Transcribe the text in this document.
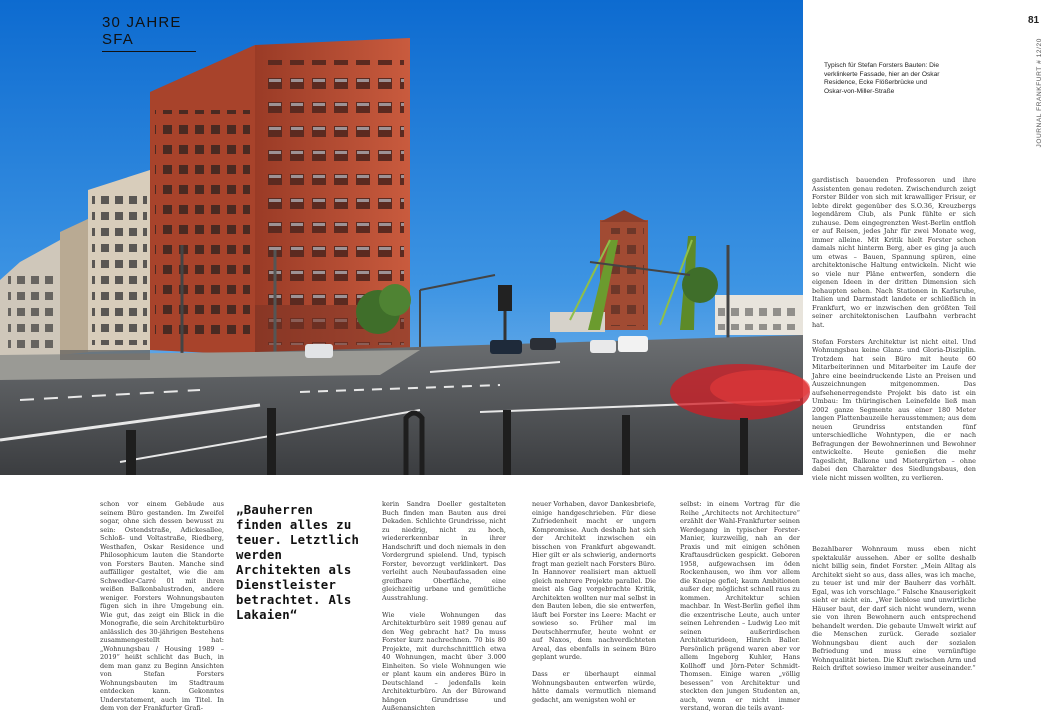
81
JOURNAL FRANKFURT # 12/20
30 JAHRE SFA
Typisch für Stefan Forsters Bauten: Die verklinkerte Fassade, hier an der Oskar Residence, Ecke Flößerbrücke und Oskar-von-Miller-Straße
gardistisch bauenden Professoren und ihre Assistenten genau redeten. Zwischendurch zeigt Forster Bilder von sich mit krawalliger Frisur, er lebte direkt gegenüber des S.O.36, Kreuzbergs legendärem Club, als Punk fühlte er sich zuhause. Dem eingegrenzten West-Berlin entfloh er auf Reisen, jedes Jahr für zwei Monate weg, immer alleine. Mit Kritik hielt Forster schon damals nicht hinterm Berg, aber es ging ja auch um etwas – Bauen, Spannung spüren, eine architektonische Haltung entwickeln. Nicht wie so viele nur Pläne entwerfen, sondern die eigenen Ideen in der dritten Dimension sich behaupten sehen. Nach Stationen in Karlsruhe, Italien und Darmstadt landete er schließlich in Frankfurt, wo er inzwischen den größten Teil seiner architektonischen Laufbahn verbracht hat.

Stefan Forsters Architektur ist nicht eitel. Und Wohnungsbau keine Glanz- und Gloria-Disziplin. Trotzdem hat sein Büro mit heute 60 Mitarbeiterinnen und Mitarbeiter im Laufe der Jahre eine beeindruckende Liste an Preisen und Auszeichnungen mitgenommen. Das aufsehenerregendste Projekt bis dato ist ein Umbau: Im thüringischen Leinefelde ließ man 2002 ganze Segmente aus einer 180 Meter langen Plattenbauzeile herausstemmen; aus dem neuen Grundriss entstanden fünf unterschiedliche Wohntypen, die er nach Befragungen der Bewohnerinnen und Bewohner entwickelte. Heute genießen die mehr Tageslicht, Balkone und Mietergärten – ohne dabei den Charakter des Siedlungsbaus, den viele nicht missen wollten, zu verlieren.
schon vor einem Gebäude aus seinem Büro gestanden. Im Zweifel sogar, ohne sich dessen bewusst zu sein: Ostendstraße, Adickesallee, Schloß- und Voltastraße, Riedberg, Westhafen, Oskar Residence und Philosophicum lauten die Standorte von Forsters Bauten. Manche sind auffälliger gestaltet, wie die am Schwedler-Carré 01 mit ihren weißen Balkonbalustraden, andere weniger. Forsters Wohnungsbauten fügen sich in ihre Umgebung ein. Wie gut, das zeigt ein Blick in die Monografie, die sein Architekturbüro anlässlich des 30-jährigen Bestehens zusammengestellt hat: „Wohnungsbau / Housing 1989 – 2019“ heißt schlicht das Buch, in dem man ganz zu Beginn Ansichten von Stefan Forsters Wohnungsbauten im Stadtraum entdecken kann. Gekonntes Understatement, auch im Titel. In dem von der Frankfurter Grafi-
„Bauherren finden alles zu teuer. Letztlich werden Architekten als Dienstleister betrachtet. Als Lakaien“
kerin Sandra Doeller gestalteten Buch finden man Bauten aus drei Dekaden. Schlichte Grundrisse, nicht zu niedrig, nicht zu hoch, wiedererkennbar in ihrer Handschrift und doch niemals in den Vordergrund spielend. Und, typisch Forster, bevorzugt verklinkert. Das verleiht auch Neubaufassaden eine greifbare Oberfläche, eine gleichzeitig urbane und gemütliche Ausstrahlung.

Wie viele Wohnungen das Architekturbüro seit 1989 genau auf den Weg gebracht hat? Da muss Forster kurz nachrechnen. 70 bis 80 Projekte, mit durchschnittlich etwa 40 Wohnungen, macht über 3.000 Einheiten. So viele Wohnungen wie er plant kaum ein anderes Büro in Deutschland – jedenfalls kein Architekturbüro. An der Bürowand hängen Grundrisse und Außenansichten
neuer Vorhaben, davor Dankesbriefe, einige handgeschrieben. Für diese Zufriedenheit macht er ungern Kompromisse. Auch deshalb hat sich der Architekt inzwischen ein bisschen von Frankfurt abgewandt. Hier gilt er als schwierig, andernorts fragt man gezielt nach Forsters Büro. In Hannover realisiert man aktuell gleich mehrere Projekte parallel. Die meist als Gag vorgebrachte Kritik, Architekten wollten nur mal selbst in den Bauten leben, die sie entwerfen, läuft bei Forster ins Leere: Macht er sowieso so. Früher mal im Deutschherrnufer, heute wohnt er auf Naxos, dem nachverdichteten Areal, das ebenfalls in seinem Büro geplant wurde.

Dass er überhaupt einmal Wohnungsbauten entwerfen würde, hätte damals vermutlich niemand gedacht, am wenigsten wohl er
selbst: in einem Vortrag für die Reihe „Architects not Architecture“ erzählt der Wahl-Frankfurter seinen Werdegang in typischer Forster-Manier, kurzweilig, nah an der Praxis und mit einigen schönen Kraftausdrücken gespickt. Geboren 1958, aufgewachsen im öden Rockenhausen, wo ihm vor allem die Kneipe gefiel; kaum Ambitionen außer der, möglichst schnell raus zu kommen. Architektur schien machbar. In West-Berlin gefiel ihm die exzentrische Leute, auch unter seinen Lehrenden – Ludwig Leo mit seinen außerirdischen Architekturideen, Hinrich Baller. Persönlich prägend waren aber vor allem Ingeborg Kuhler, Hans Kollhoff und Jörn-Peter Schmidt-Thomsen. Einige waren „völlig besessen“ von Architektur und steckten den jungen Studenten an, auch, wenn er nicht immer verstand, woran die teils avant-
Bezahlbarer Wohnraum muss eben nicht spektakulär aussehen. Aber er sollte deshalb nicht billig sein, findet Forster. „Mein Alltag als Architekt sieht so aus, dass alles, was ich mache, zu teuer ist und mir der Bauherr das vorhält. Egal, was ich vorschlage.“ Falsche Knauserigkeit sieht er nicht ein. „Wer lieblose und unwirtliche Häuser baut, der darf sich nicht wundern, wenn sie von ihren Bewohnern auch entsprechend behandelt werden. Die gebaute Umwelt wirkt auf die Menschen zurück. Gerade sozialer Wohnungsbau dient auch der sozialen Befriedung und muss eine vernünftige Wohnqualität bieten. Die Kluft zwischen Arm und Reich driftet sowieso immer weiter auseinander.“
